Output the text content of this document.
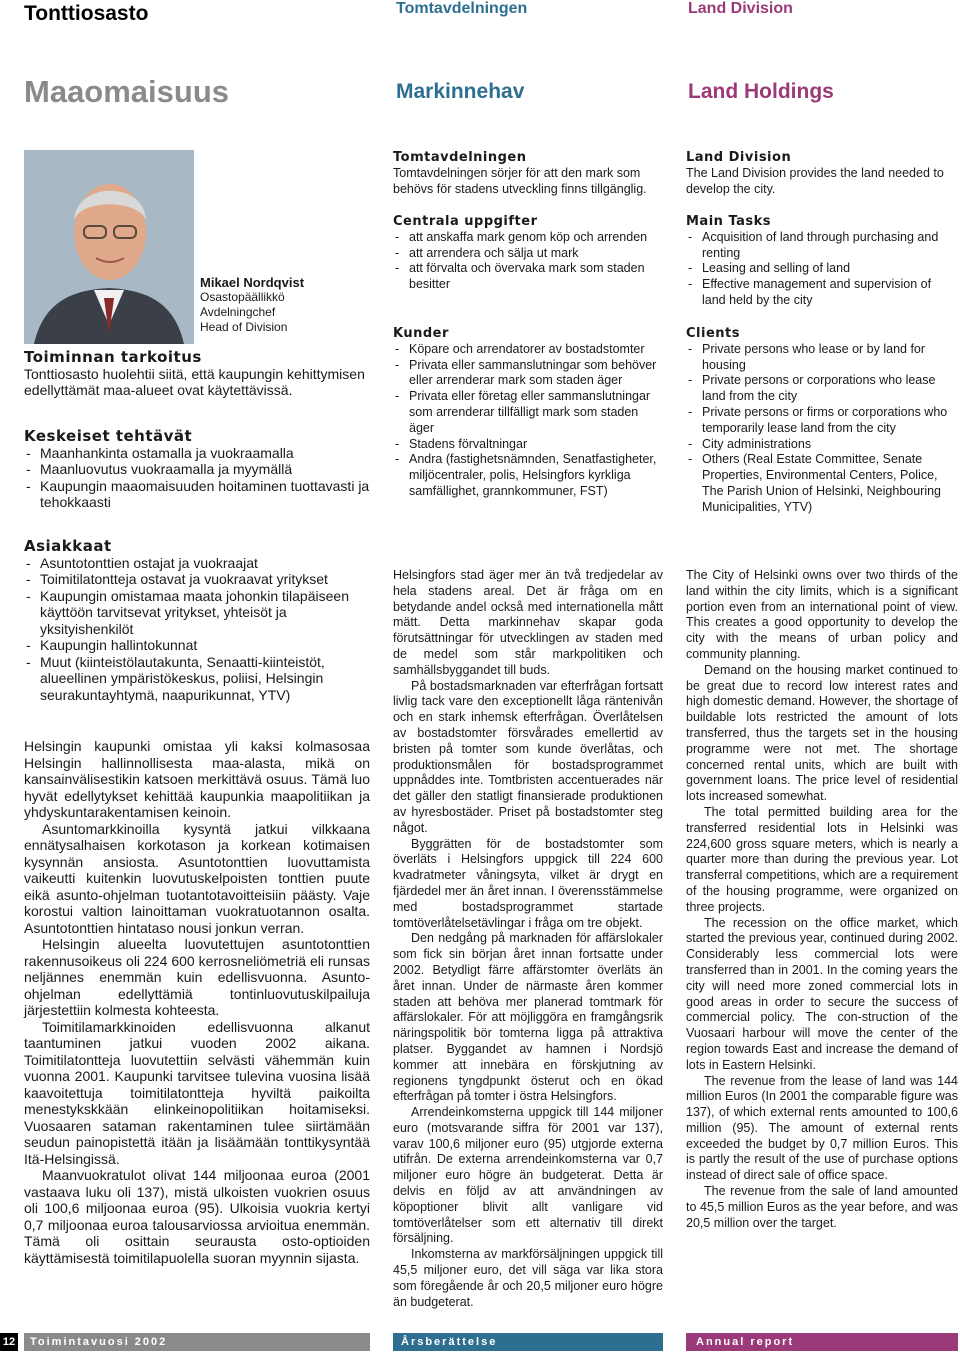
Tonttiosasto	Tomtavdelningen	Land Division
Maaomaisuus	Markinnehav	Land Holdings
Mikael Nordqvist
Osastopäällikkö
Avdelningchef
Head of Division
Toiminnan tarkoitus

Tonttiosasto huolehtii siitä, että kaupungin kehittymisen edellyttämät maa-alueet ovat käytettävissä.

Keskeiset tehtävät
- Maanhankinta ostamalla ja vuokraamalla
- Maanluovutus vuokraamalla ja myymällä
- Kaupungin maaomaisuuden hoitaminen tuottavasti ja tehokkaasti
Asiakkaat
- Asuntotonttien ostajat ja vuokraajat
- Toimitilatontteja ostavat ja vuokraavat yritykset
- Kaupungin omistamaa maata johonkin tilapäiseen käyttöön tarvitsevat yritykset, yhteisöt ja yksityishenkilöt
- Kaupungin hallintokunnat
- Muut (kiinteistölautakunta, Senaatti-kiinteistöt, alueellinen ympäristökeskus, poliisi, Helsingin seurakuntayhtymä, naapurikunnat, YTV)

Helsingin kaupunki omistaa yli kaksi kolmasosaa Helsingin hallinnollisesta maa-alasta, mikä on kansainvälisestikin katsoen merkittävä osuus. Tämä luo hyvät edellytykset kehittää kaupunkia maapolitiikan ja yhdyskuntarakentamisen keinoin.

Asuntomarkkinoilla kysyntä jatkui vilkkaana ennätysalhaisen korkotason ja korkean kotimaisen kysynnän ansiosta. Asuntotonttien luovuttamista vaikeutti kuitenkin luovutuskelpoisten tonttien puute eikä asunto-ohjelman tuotantotavoitteisiin päästy. Vaje korostui valtion lainoittaman vuokratuotannon osalta. Asuntotonttien hintataso nousi jonkun verran.

Helsingin alueelta luovutettujen asuntotonttien rakennusoikeus oli 224 600 kerrosneliömetriä eli runsas neljännes enemmän kuin edellisvuonna. Asunto-ohjelman edellyttämiä tontinluovutuskilpailuja järjestettiin kolmesta kohteesta.

Toimitilamarkkinoiden edellisvuonna alkanut taantuminen jatkui vuoden 2002 aikana. Toimitilatontteja luovutettiin selvästi vähemmän kuin vuonna 2001. Kaupunki tarvitsee tulevina vuosina lisää kaavoitettuja toimitilatontteja hyviltä paikoilta menestykskkään elinkeinopolitiikan hoitamiseksi. Vuosaaren sataman rakentaminen tulee siirtämään seudun painopistettä itään ja lisäämään tonttikysyntää Itä-Helsingissä.

Maanvuokratulot olivat 144 miljoonaa euroa (2001 vastaava luku oli 137), mistä ulkoisten vuokrien osuus oli 100,6 miljoonaa euroa (95). Ulkoisia vuokria kertyi 0,7 miljoonaa euroa talousarviossa arvioitua enemmän. Tämä oli osittain seurausta osto-optioiden käyttämisestä toimitilapuolella suoran myynnin sijasta.

Tomtavdelningen

Tomtavdelningen sörjer för att den mark som behövs för stadens utveckling finns tillgänglig.

Centrala uppgifter
- att anskaffa mark genom köp och arrenden
- att arrendera och sälja ut mark
- att förvalta och övervaka mark som staden besitter
Kunder
- Köpare och arrendatorer av bostadstomter
- Privata eller sammanslutningar som behöver eller arrenderar mark som staden äger
- Privata eller företag eller sammanslutningar som arrenderar tillfälligt mark som staden äger
- Stadens förvaltningar
- Andra (fastighetsnämnden, Senatfastigheter, miljöcentraler, polis, Helsingfors kyrkliga samfällighet, grannkommuner, FST)

Helsingfors stad äger mer än två tredjedelar av hela stadens areal. Det är fråga om en betydande andel också med internationella mått mätt. Detta markinnehav skapar goda förutsättningar för utvecklingen av staden med de medel som står markpolitiken och samhällsbyggandet till buds.

På bostadsmarknaden var efterfrågan fortsatt livlig tack vare den exceptionellt låga räntenivån och en stark inhemsk efterfrågan. Överlåtelsen av bostadstomter försvårades emellertid av bristen på tomter som kunde överlåtas, och produktionsmålen för bostadsprogrammet uppnåddes inte. Tomtbristen accentuerades när det gäller den statligt finansierade produktionen av hyresbostäder. Priset på bostadstomter steg något.

Byggrätten för de bostadstomter som överläts i Helsingfors uppgick till 224 600 kvadratmeter våningsyta, vilket är drygt en fjärdedel mer än året innan. I överensstämmelse med bostadsprogrammet startade tomtöverlåtelsetävlingar i fråga om tre objekt.

Den nedgång på marknaden för affärslokaler som fick sin början året innan fortsatte under 2002. Betydligt färre affärstomter överläts än året innan. Under de närmaste åren kommer staden att behöva mer planerad tomtmark för affärslokaler. För att möjliggöra en framgångsrik näringspolitik bör tomterna ligga på attraktiva platser. Byggandet av hamnen i Nordsjö kommer att innebära en förskjutning av regionens tyngdpunkt österut och en ökad efterfrågan på tomter i östra Helsingfors.

Arrendeinkomsterna uppgick till 144 miljoner euro (motsvarande siffra för 2001 var 137), varav 100,6 miljoner euro (95) utgjorde externa utifrån. De externa arrendeinkomsterna var 0,7 miljoner euro högre än budgeterat. Detta är delvis en följd av att användningen av köpoptioner blivit allt vanligare vid tomtöverlåtelser som ett alternativ till direkt försäljning.

Inkomsterna av markförsäljningen uppgick till 45,5 miljoner euro, det vill säga var lika stora som föregående år och 20,5 miljoner euro högre än budgeterat.

Land Division

The Land Division provides the land needed to develop the city.

Main Tasks
- Acquisition of land through purchasing and renting
- Leasing and selling of land
- Effective management and supervision of land held by the city
Clients
- Private persons who lease or by land for housing
- Private persons or corporations who lease land from the city
- Private persons or firms or corporations who temporarily lease land from the city
- City administrations
- Others (Real Estate Committee, Senate Properties, Environmental Centers, Police, The Parish Union of Helsinki, Neighbouring Municipalities, YTV)

The City of Helsinki owns over two thirds of the land within the city limits, which is a significant portion even from an international point of view. This creates a good opportunity to develop the city with the means of urban policy and community planning.

Demand on the housing market continued to be great due to record low interest rates and high domestic demand. However, the shortage of buildable lots restricted the amount of lots transferred, thus the targets set in the housing programme were not met. The shortage concerned rental units, which are built with government loans. The price level of residential lots increased somewhat.

The total permitted building area for the transferred residential lots in Helsinki was 224,600 gross square meters, which is nearly a quarter more than during the previous year. Lot transferral competitions, which are a requirement of the housing programme, were organized on three projects.

The recession on the office market, which started the previous year, continued during 2002. Considerably less commercial lots were transferred than in 2001. In the coming years the city will need more zoned commercial lots in good areas in order to secure the success of commercial policy. The con-struction of the Vuosaari harbour will move the center of the region towards East and increase the demand of lots in Eastern Helsinki.

The revenue from the lease of land was 144 million Euros (In 2001 the comparable figure was 137), of which external rents amounted to 100,6 million (95). The amount of external rents exceeded the budget by 0,7 million Euros. This is partly the result of the use of purchase options instead of direct sale of office space.

The revenue from the sale of land amounted to 45,5 million Euros as the year before, and was 20,5 million over the target.

12	Toimintavuosi 2002	Årsberättelse	Annual report
